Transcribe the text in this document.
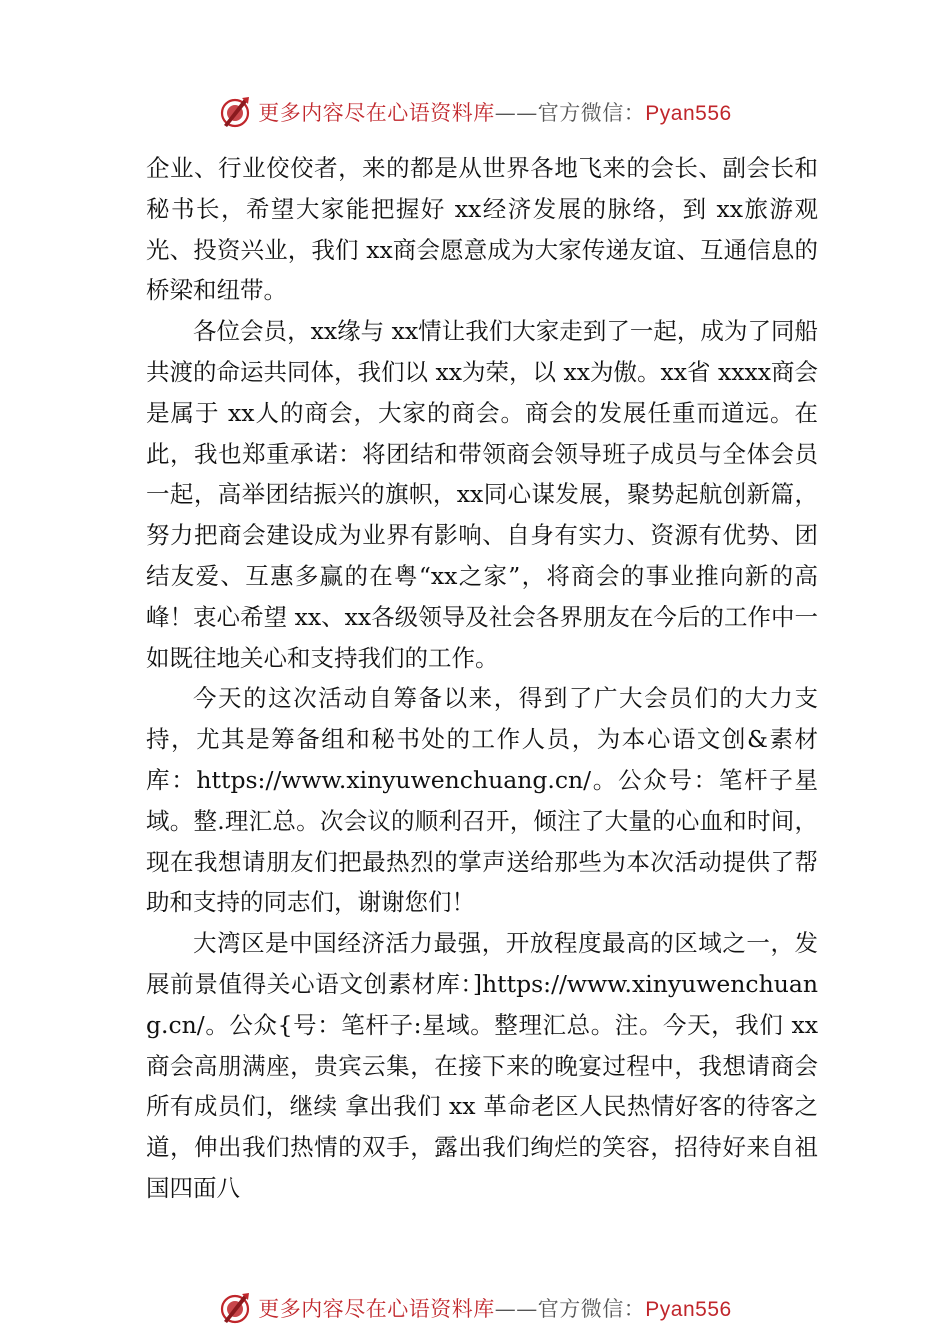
更多内容尽在心语资料库——官方微信：Pyan556

企业、行业佼佼者，来的都是从世界各地飞来的会长、副会长和秘书长，希望大家能把握好 xx经济发展的脉络，到 xx旅游观光、投资兴业，我们 xx商会愿意成为大家传递友谊、互通信息的桥梁和纽带。

各位会员，xx缘与 xx情让我们大家走到了一起，成为了同船共渡的命运共同体，我们以 xx为荣，以 xx为傲。xx省 xxxx商会是属于 xx人的商会，大家的商会。商会的发展任重而道远。在此，我也郑重承诺：将团结和带领商会领导班子成员与全体会员一起，高举团结振兴的旗帜，xx同心谋发展，聚势起航创新篇，努力把商会建设成为业界有影响、自身有实力、资源有优势、团结友爱、互惠多赢的在粤“xx之家”，将商会的事业推向新的高峰！衷心希望 xx、xx各级领导及社会各界朋友在今后的工作中一如既往地关心和支持我们的工作。

今天的这次活动自筹备以来，得到了广大会员们的大力支持，尤其是筹备组和秘书处的工作人员，为本心语文创&素材库：https://www.xinyuwenchuang.cn/。公众号：笔杆子星域。整.理汇总。次会议的顺利召开，倾注了大量的心血和时间，现在我想请朋友们把最热烈的掌声送给那些为本次活动提供了帮助和支持的同志们，谢谢您们！

大湾区是中国经济活力最强，开放程度最高的区域之一，发展前景值得关心语文创素材库：]https://www.xinyuwenchuang.cn/。公众{号：笔杆子:星域。整理汇总。注。今天，我们 xx 商会高朋满座，贵宾云集，在接下来的晚宴过程中，我想请商会所有成员们，继续 拿出我们 xx 革命老区人民热情好客的待客之道，伸出我们热情的双手，露出我们绚烂的笑容，招待好来自祖国四面八

更多内容尽在心语资料库——官方微信：Pyan556
